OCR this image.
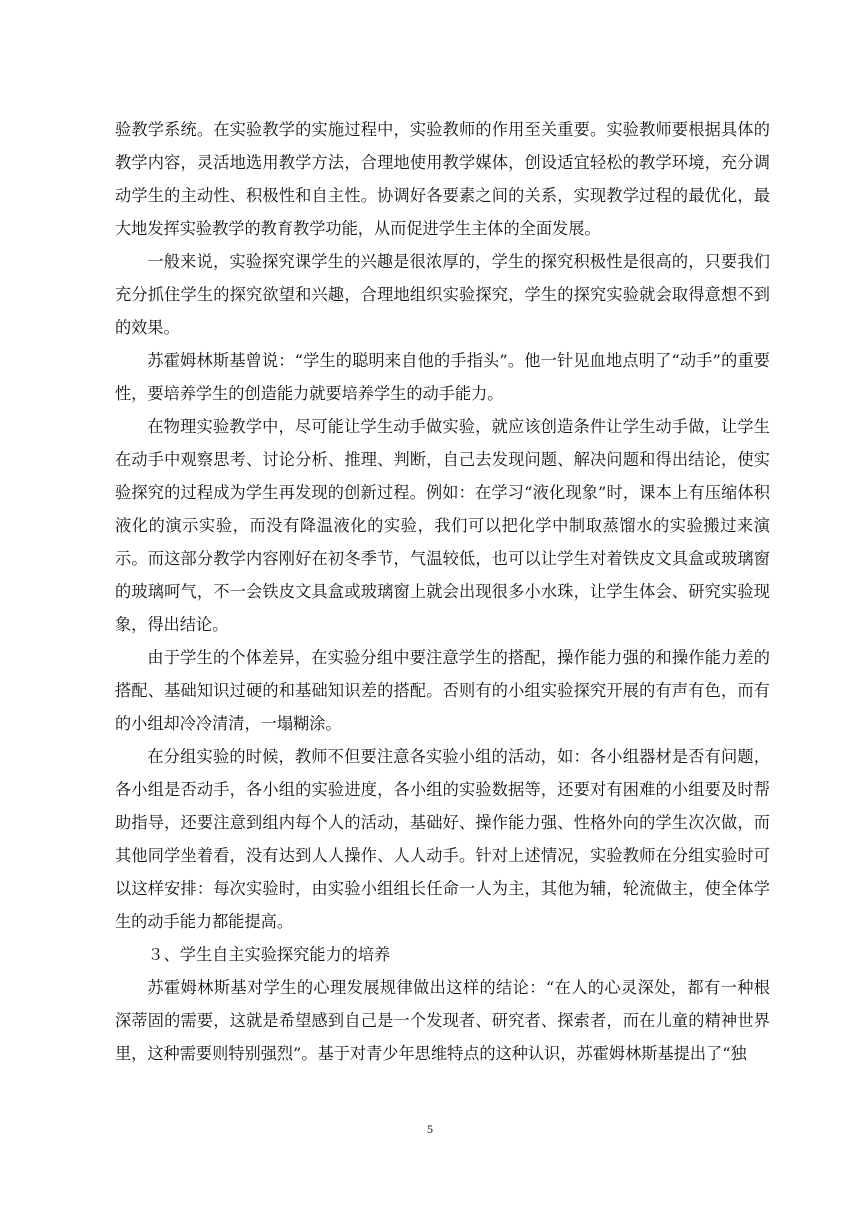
验教学系统。在实验教学的实施过程中，实验教师的作用至关重要。实验教师要根据具体的教学内容，灵活地选用教学方法，合理地使用教学媒体，创设适宜轻松的教学环境，充分调动学生的主动性、积极性和自主性。协调好各要素之间的关系，实现教学过程的最优化，最大地发挥实验教学的教育教学功能，从而促进学生主体的全面发展。

一般来说，实验探究课学生的兴趣是很浓厚的，学生的探究积极性是很高的，只要我们充分抓住学生的探究欲望和兴趣，合理地组织实验探究，学生的探究实验就会取得意想不到的效果。

苏霍姆林斯基曾说：“学生的聪明来自他的手指头”。他一针见血地点明了“动手”的重要性，要培养学生的创造能力就要培养学生的动手能力。

在物理实验教学中，尽可能让学生动手做实验，就应该创造条件让学生动手做，让学生在动手中观察思考、讨论分析、推理、判断，自己去发现问题、解决问题和得出结论，使实验探究的过程成为学生再发现的创新过程。例如：在学习“液化现象”时，课本上有压缩体积液化的演示实验，而没有降温液化的实验，我们可以把化学中制取蒸馏水的实验搬过来演示。而这部分教学内容刚好在初冬季节，气温较低，也可以让学生对着铁皮文具盒或玻璃窗的玻璃呵气，不一会铁皮文具盒或玻璃窗上就会出现很多小水珠，让学生体会、研究实验现象，得出结论。

由于学生的个体差异，在实验分组中要注意学生的搭配，操作能力强的和操作能力差的搭配、基础知识过硬的和基础知识差的搭配。否则有的小组实验探究开展的有声有色，而有的小组却冷冷清清，一塌糊涂。

在分组实验的时候，教师不但要注意各实验小组的活动，如：各小组器材是否有问题，各小组是否动手，各小组的实验进度，各小组的实验数据等，还要对有困难的小组要及时帮助指导，还要注意到组内每个人的活动，基础好、操作能力强、性格外向的学生次次做，而其他同学坐着看，没有达到人人操作、人人动手。针对上述情况，实验教师在分组实验时可以这样安排：每次实验时，由实验小组组长任命一人为主，其他为辅，轮流做主，使全体学生的动手能力都能提高。

３、学生自主实验探究能力的培养

苏霍姆林斯基对学生的心理发展规律做出这样的结论：“在人的心灵深处，都有一种根深蒂固的需要，这就是希望感到自己是一个发现者、研究者、探索者，而在儿童的精神世界里，这种需要则特别强烈”。基于对青少年思维特点的这种认识，苏霍姆林斯基提出了“独

5
